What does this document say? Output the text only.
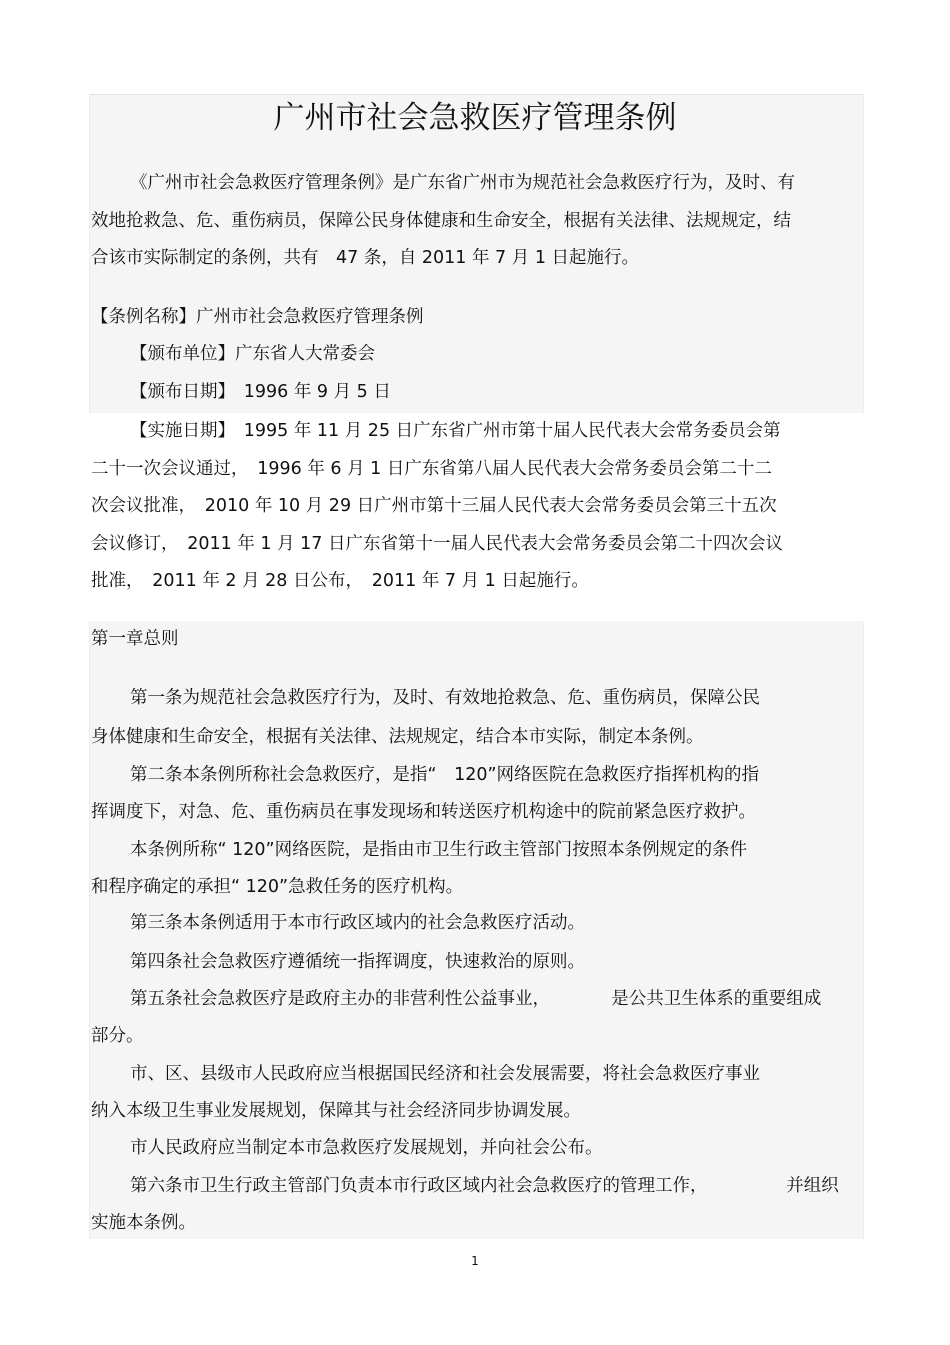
广州市社会急救医疗管理条例
《广州市社会急救医疗管理条例》是广东省广州市为规范社会急救医疗行为，及时、有
效地抢救急、危、重伤病员，保障公民身体健康和生命安全，根据有关法律、法规规定，结
合该市实际制定的条例，共有　47 条，自 2011 年 7 月 1 日起施行。
【条例名称】广州市社会急救医疗管理条例
【颁布单位】广东省人大常委会
【颁布日期】　1996 年 9 月 5 日
【实施日期】　1995 年 11 月 25 日广东省广州市第十届人民代表大会常务委员会第
二十一次会议通过，　1996 年 6 月 1 日广东省第八届人民代表大会常务委员会第二十二
次会议批准，　2010 年 10 月 29 日广州市第十三届人民代表大会常务委员会第三十五次
会议修订，　2011 年 1 月 17 日广东省第十一届人民代表大会常务委员会第二十四次会议
批准，　2011 年 2 月 28 日公布，　2011 年 7 月 1 日起施行。
第一章总则
第一条为规范社会急救医疗行为，及时、有效地抢救急、危、重伤病员，保障公民
身体健康和生命安全，根据有关法律、法规规定，结合本市实际，制定本条例。
第二条本条例所称社会急救医疗，是指“　120”网络医院在急救医疗指挥机构的指
挥调度下，对急、危、重伤病员在事发现场和转送医疗机构途中的院前紧急医疗救护。
本条例所称“ 120”网络医院，是指由市卫生行政主管部门按照本条例规定的条件
和程序确定的承担“ 120”急救任务的医疗机构。
第三条本条例适用于本市行政区域内的社会急救医疗活动。
第四条社会急救医疗遵循统一指挥调度，快速救治的原则。
第五条社会急救医疗是政府主办的非营利性公益事业，　　　　是公共卫生体系的重要组成
部分。
市、区、县级市人民政府应当根据国民经济和社会发展需要，将社会急救医疗事业
纳入本级卫生事业发展规划，保障其与社会经济同步协调发展。
市人民政府应当制定本市急救医疗发展规划，并向社会公布。
第六条市卫生行政主管部门负责本市行政区域内社会急救医疗的管理工作，　　　　　并组织
实施本条例。
1
